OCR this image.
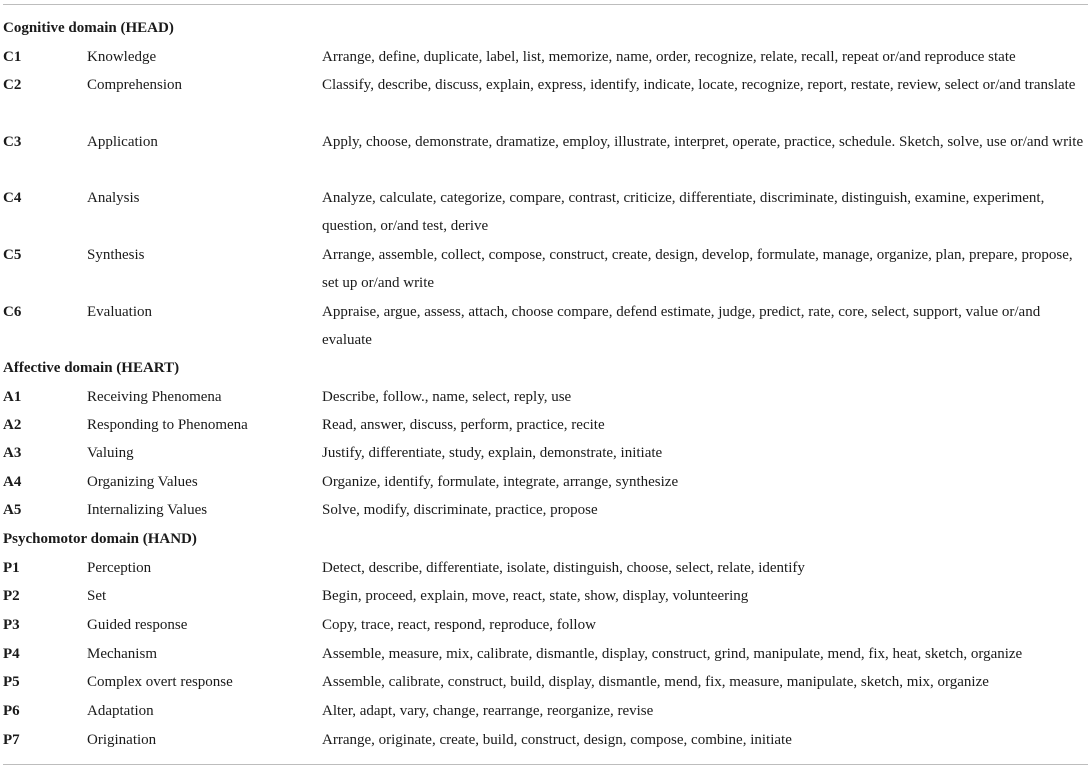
Cognitive domain (HEAD)
C1	Knowledge	Arrange, define, duplicate, label, list, memorize, name, order, recognize, relate, recall, repeat or/and reproduce state
C2	Comprehension	Classify, describe, discuss, explain, express, identify, indicate, locate, recognize, report, restate, review, select or/and translate
C3	Application	Apply, choose, demonstrate, dramatize, employ, illustrate, interpret, operate, practice, schedule. Sketch, solve, use or/and write
C4	Analysis	Analyze, calculate, categorize, compare, contrast, criticize, differentiate, discriminate, distinguish, examine, experiment, question, or/and test, derive
C5	Synthesis	Arrange, assemble, collect, compose, construct, create, design, develop, formulate, manage, organize, plan, prepare, propose, set up or/and write
C6	Evaluation	Appraise, argue, assess, attach, choose compare, defend estimate, judge, predict, rate, core, select, support, value or/and evaluate
Affective domain (HEART)
A1	Receiving Phenomena	Describe, follow., name, select, reply, use
A2	Responding to Phenomena	Read, answer, discuss, perform, practice, recite
A3	Valuing	Justify, differentiate, study, explain, demonstrate, initiate
A4	Organizing Values	Organize, identify, formulate, integrate, arrange, synthesize
A5	Internalizing Values	Solve, modify, discriminate, practice, propose
Psychomotor domain (HAND)
P1	Perception	Detect, describe, differentiate, isolate, distinguish, choose, select, relate, identify
P2	Set	Begin, proceed, explain, move, react, state, show, display, volunteering
P3	Guided response	Copy, trace, react, respond, reproduce, follow
P4	Mechanism	Assemble, measure, mix, calibrate, dismantle, display, construct, grind, manipulate, mend, fix, heat, sketch, organize
P5	Complex overt response	Assemble, calibrate, construct, build, display, dismantle, mend, fix, measure, manipulate, sketch, mix, organize
P6	Adaptation	Alter, adapt, vary, change, rearrange, reorganize, revise
P7	Origination	Arrange, originate, create, build, construct, design, compose, combine, initiate
